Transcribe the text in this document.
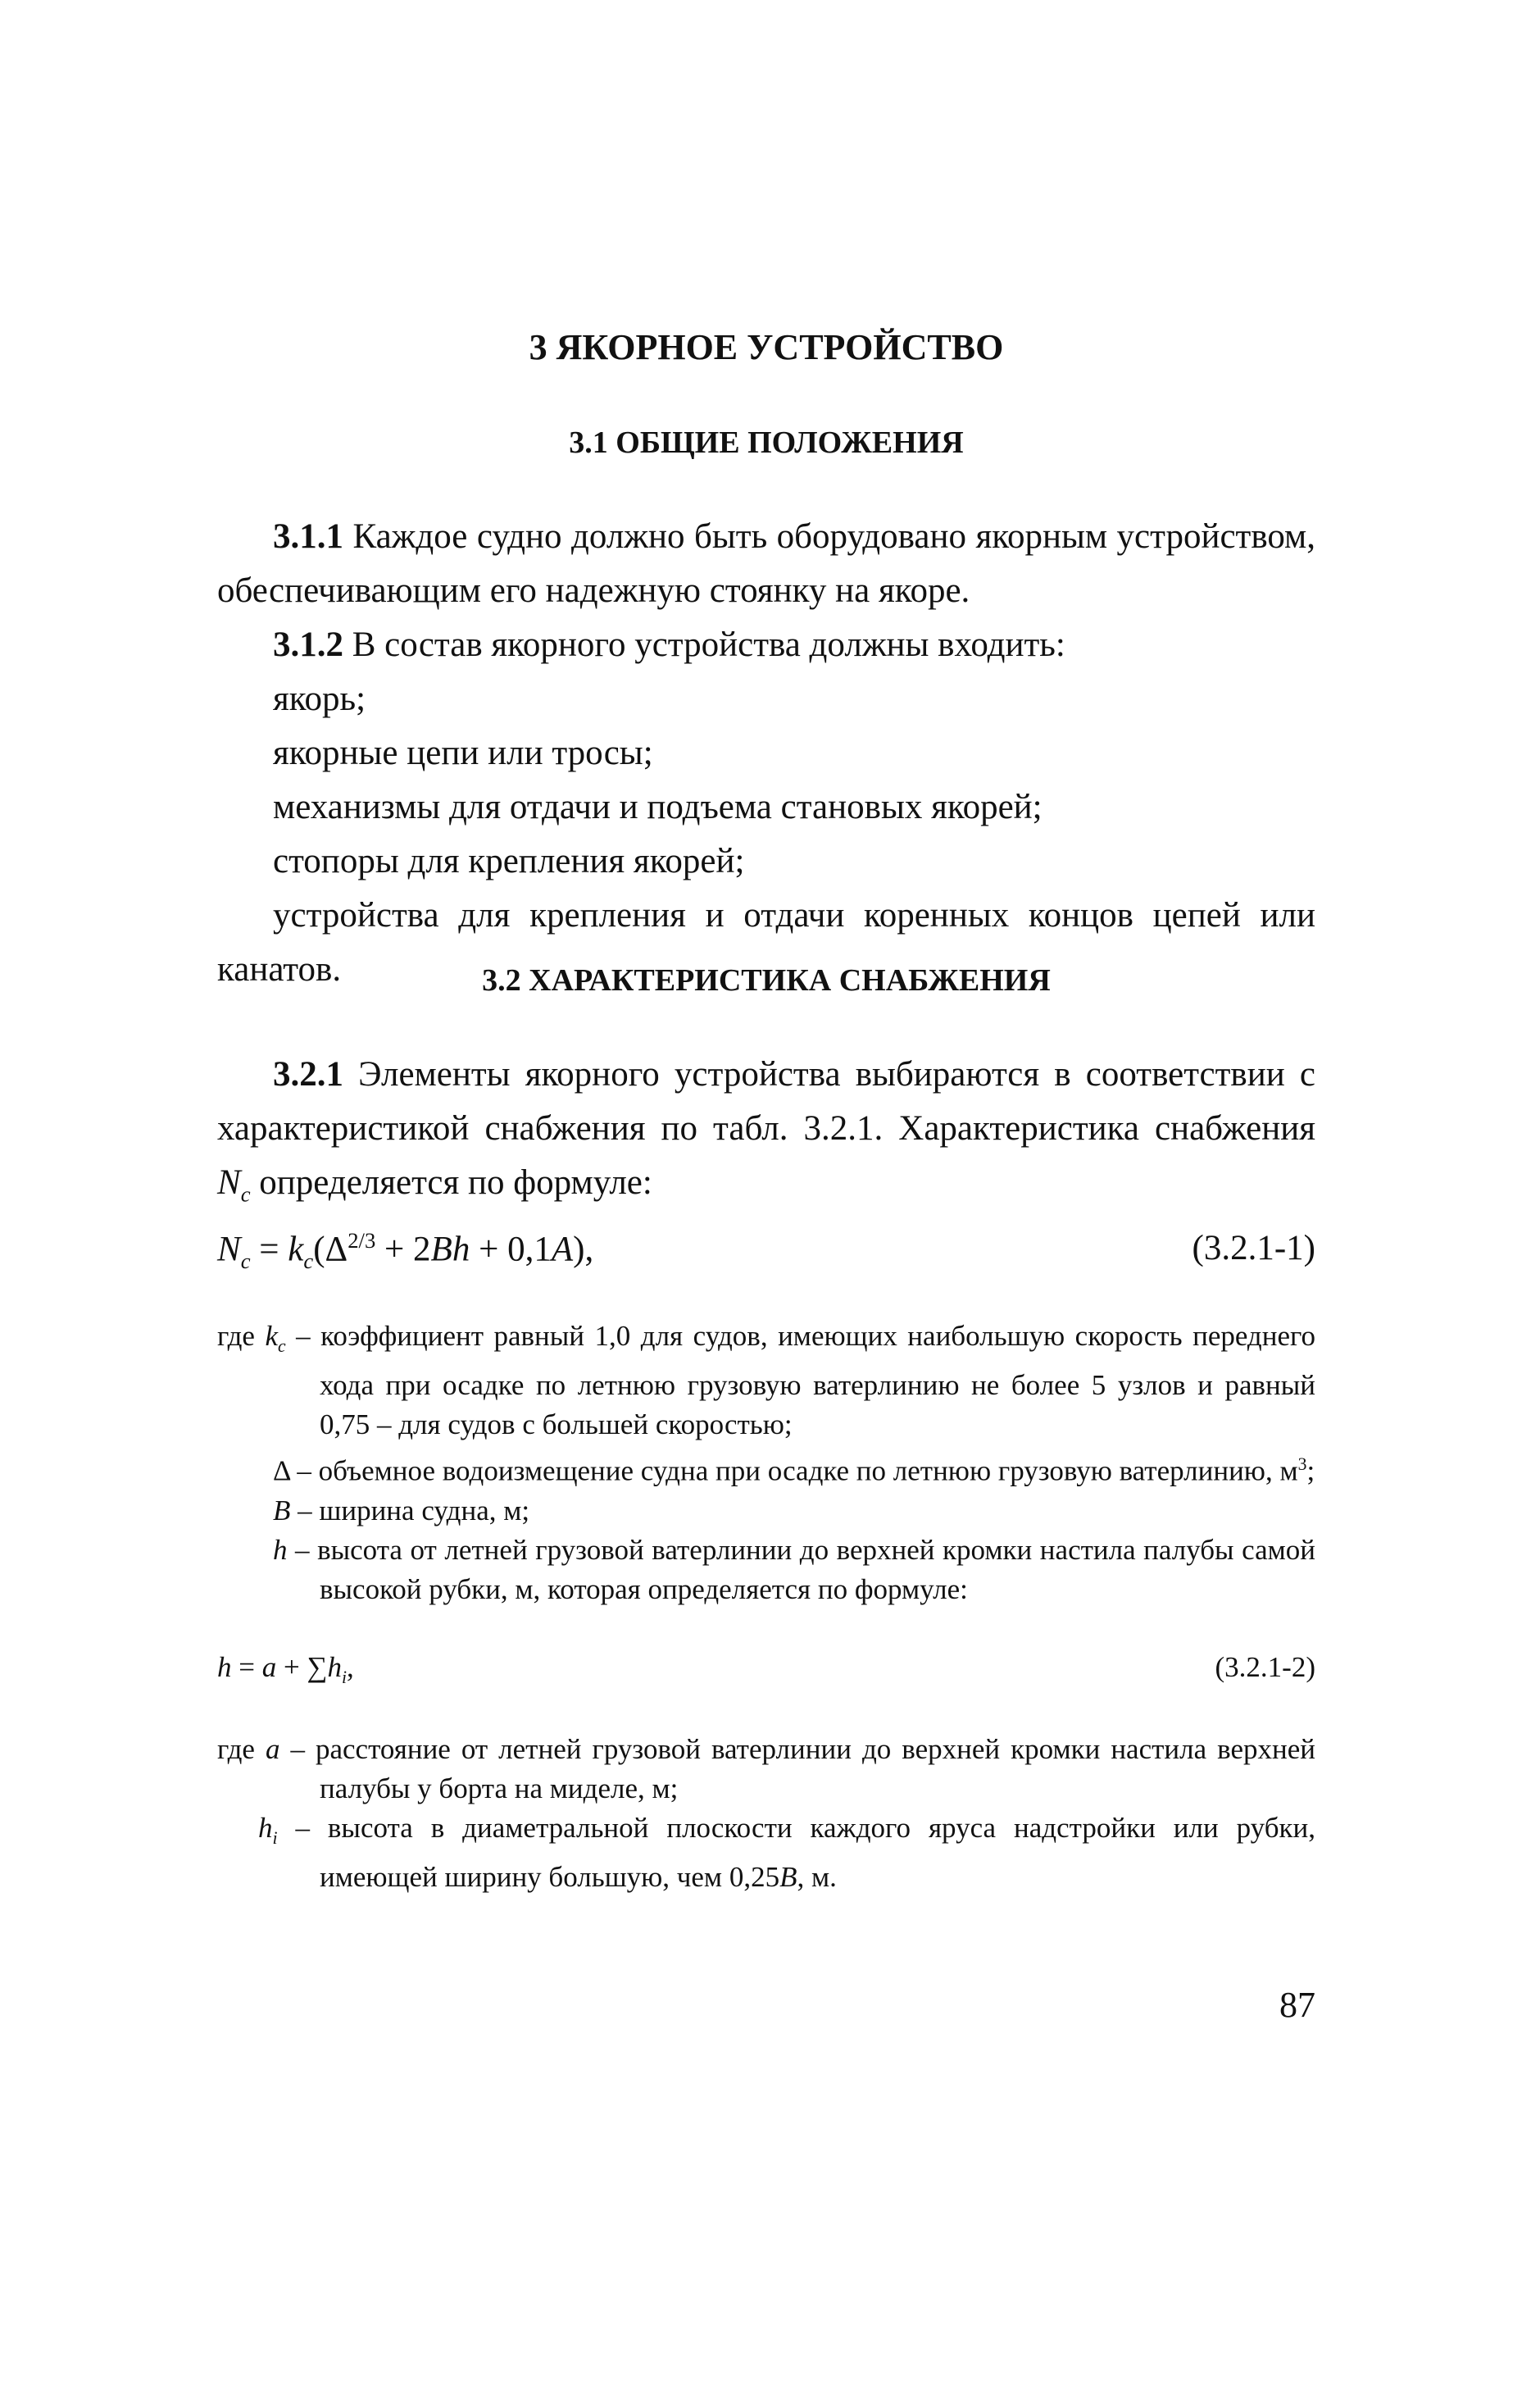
3 ЯКОРНОЕ УСТРОЙСТВО
3.1 ОБЩИЕ ПОЛОЖЕНИЯ

3.1.1 Каждое судно должно быть оборудовано якорным устройством, обеспечивающим его надежную стоянку на якоре.

3.1.2 В состав якорного устройства должны входить:

якорь;

якорные цепи или тросы;

механизмы для отдачи и подъема становых якорей;

стопоры для крепления якорей;

устройства для крепления и отдачи коренных концов цепей или канатов.	3.2 ХАРАКТЕРИСТИКА СНАБЖЕНИЯ

3.2.1 Элементы якорного устройства выбираются в соответствии с характеристикой снабжения по табл. 3.2.1. Характеристика снабжения $N_c$ определяется по формуле:

$N_c = k_c(\Delta^{2/3} + 2Bh + 0,1A)$,	(3.2.1-1)

где $k_c$ – коэффициент равный 1,0 для судов, имеющих наибольшую скорость переднего хода при осадке по летнюю грузовую ватерлинию не более 5 узлов и равный 0,75 – для судов с большей скоростью;

Δ – объемное водоизмещение судна при осадке по летнюю грузовую ватерлинию, $м^3$;

B – ширина судна, м;

h – высота от летней грузовой ватерлинии до верхней кромки настила палубы самой высокой рубки, м, которая определяется по формуле:

$h = a + \sum h_i$,	(3.2.1-2)

где a – расстояние от летней грузовой ватерлинии до верхней кромки настила верхней палубы у борта на миделе, м;

$h_i$ – высота в диаметральной плоскости каждого яруса надстройки или рубки, имеющей ширину большую, чем 0,25B, м.

87
